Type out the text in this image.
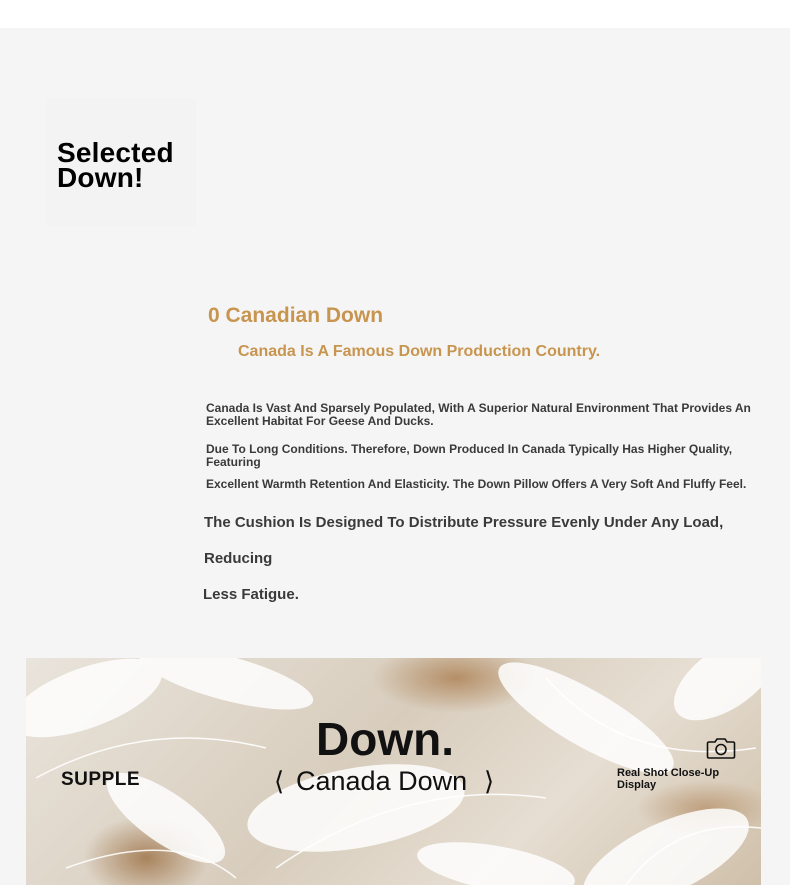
Selected
Down!
0 Canadian Down
Canada Is A Famous Down Production Country.

Canada Is Vast And Sparsely Populated, With A Superior Natural Environment That Provides An Excellent Habitat For Geese And Ducks.

Due To Long Conditions. Therefore, Down Produced In Canada Typically Has Higher Quality, Featuring

Excellent Warmth Retention And Elasticity. The Down Pillow Offers A Very Soft And Fluffy Feel.

The Cushion Is Designed To Distribute Pressure Evenly Under Any Load, Reducing
Less Fatigue.

SUPPLE
Down.
⟨ Canada Down ⟩	Real Shot Close-Up Display
